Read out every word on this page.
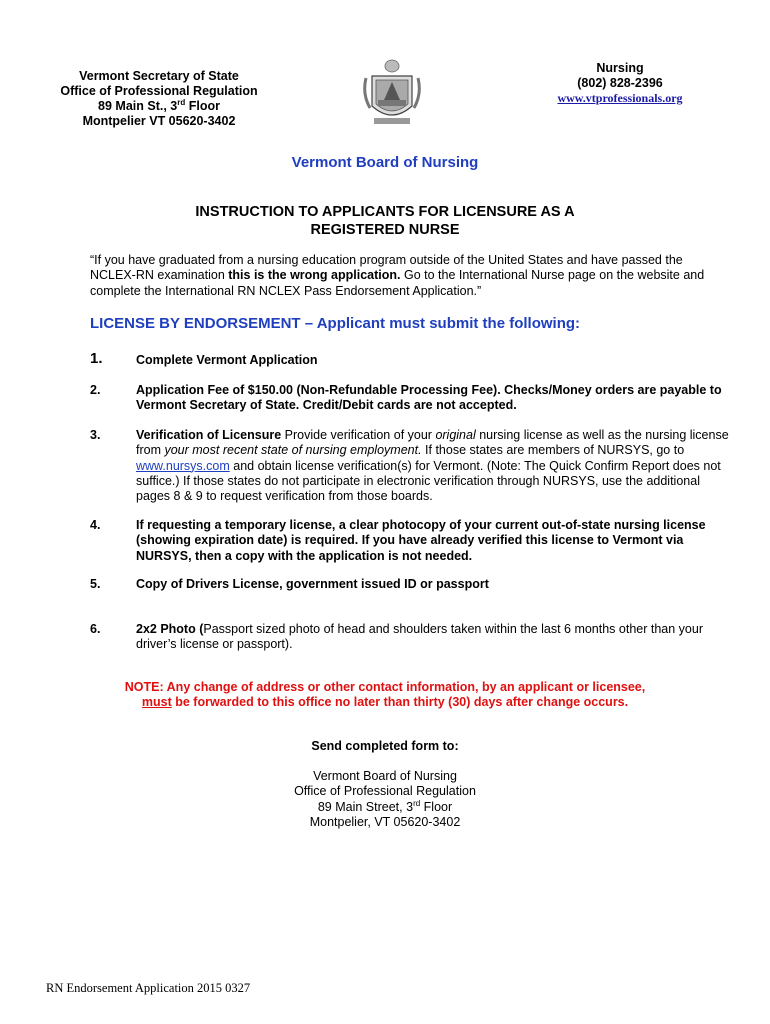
Vermont Secretary of State
Office of Professional Regulation
89 Main St., 3rd Floor
Montpelier VT 05620-3402
Nursing
(802) 828-2396
www.vtprofessionals.org
Vermont Board of Nursing
INSTRUCTION TO APPLICANTS FOR LICENSURE AS A
REGISTERED NURSE
“If you have graduated from a nursing education program outside of the United States and have passed the NCLEX-RN examination this is the wrong application. Go to the International Nurse page on the website and complete the International RN NCLEX Pass Endorsement Application.”
LICENSE BY ENDORSEMENT – Applicant must submit the following:
1.	Complete Vermont Application
2.	Application Fee of $150.00 (Non-Refundable Processing Fee). Checks/Money orders are payable to Vermont Secretary of State. Credit/Debit cards are not accepted.
3.	Verification of Licensure Provide verification of your original nursing license as well as the nursing license from your most recent state of nursing employment. If those states are members of NURSYS, go to www.nursys.com and obtain license verification(s) for Vermont. (Note: The Quick Confirm Report does not suffice.) If those states do not participate in electronic verification through NURSYS, use the additional pages 8 & 9 to request verification from those boards.
4.	If requesting a temporary license, a clear photocopy of your current out-of-state nursing license (showing expiration date) is required. If you have already verified this license to Vermont via NURSYS, then a copy with the application is not needed.
5.	Copy of Drivers License, government issued ID or passport
6.	2x2 Photo (Passport sized photo of head and shoulders taken within the last 6 months other than your driver’s license or passport).
NOTE: Any change of address or other contact information, by an applicant or licensee,
must be forwarded to this office no later than thirty (30) days after change occurs.
Send completed form to:
Vermont Board of Nursing
Office of Professional Regulation
89 Main Street, 3rd Floor
Montpelier, VT 05620-3402
RN Endorsement Application 2015 0327
